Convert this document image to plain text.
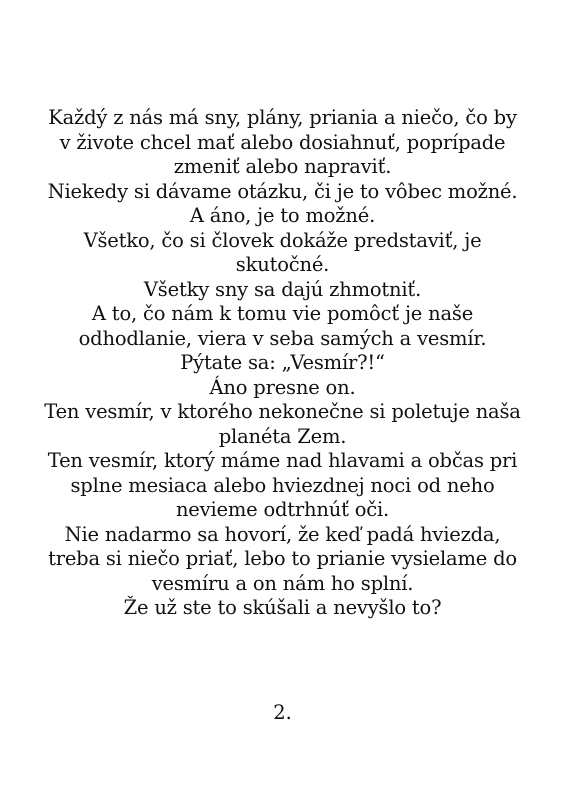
Každý z nás má sny, plány, priania a niečo, čo by
v živote chcel mať alebo dosiahnuť, poprípade
zmeniť alebo napraviť.
Niekedy si dávame otázku, či je to vôbec možné.
A áno, je to možné.
Všetko, čo si človek dokáže predstaviť, je
skutočné.
Všetky sny sa dajú zhmotniť.
A to, čo nám k tomu vie pomôcť je naše
odhodlanie, viera v seba samých a vesmír.
Pýtate sa: „Vesmír?!“
Áno presne on.
Ten vesmír, v ktorého nekonečne si poletuje naša
planéta Zem.
Ten vesmír, ktorý máme nad hlavami a občas pri
splne mesiaca alebo hviezdnej noci od neho
nevieme odtrhnúť oči.
Nie nadarmo sa hovorí, že keď padá hviezda,
treba si niečo priať, lebo to prianie vysielame do
vesmíru a on nám ho splní.
Že už ste to skúšali a nevyšlo to?
2.
